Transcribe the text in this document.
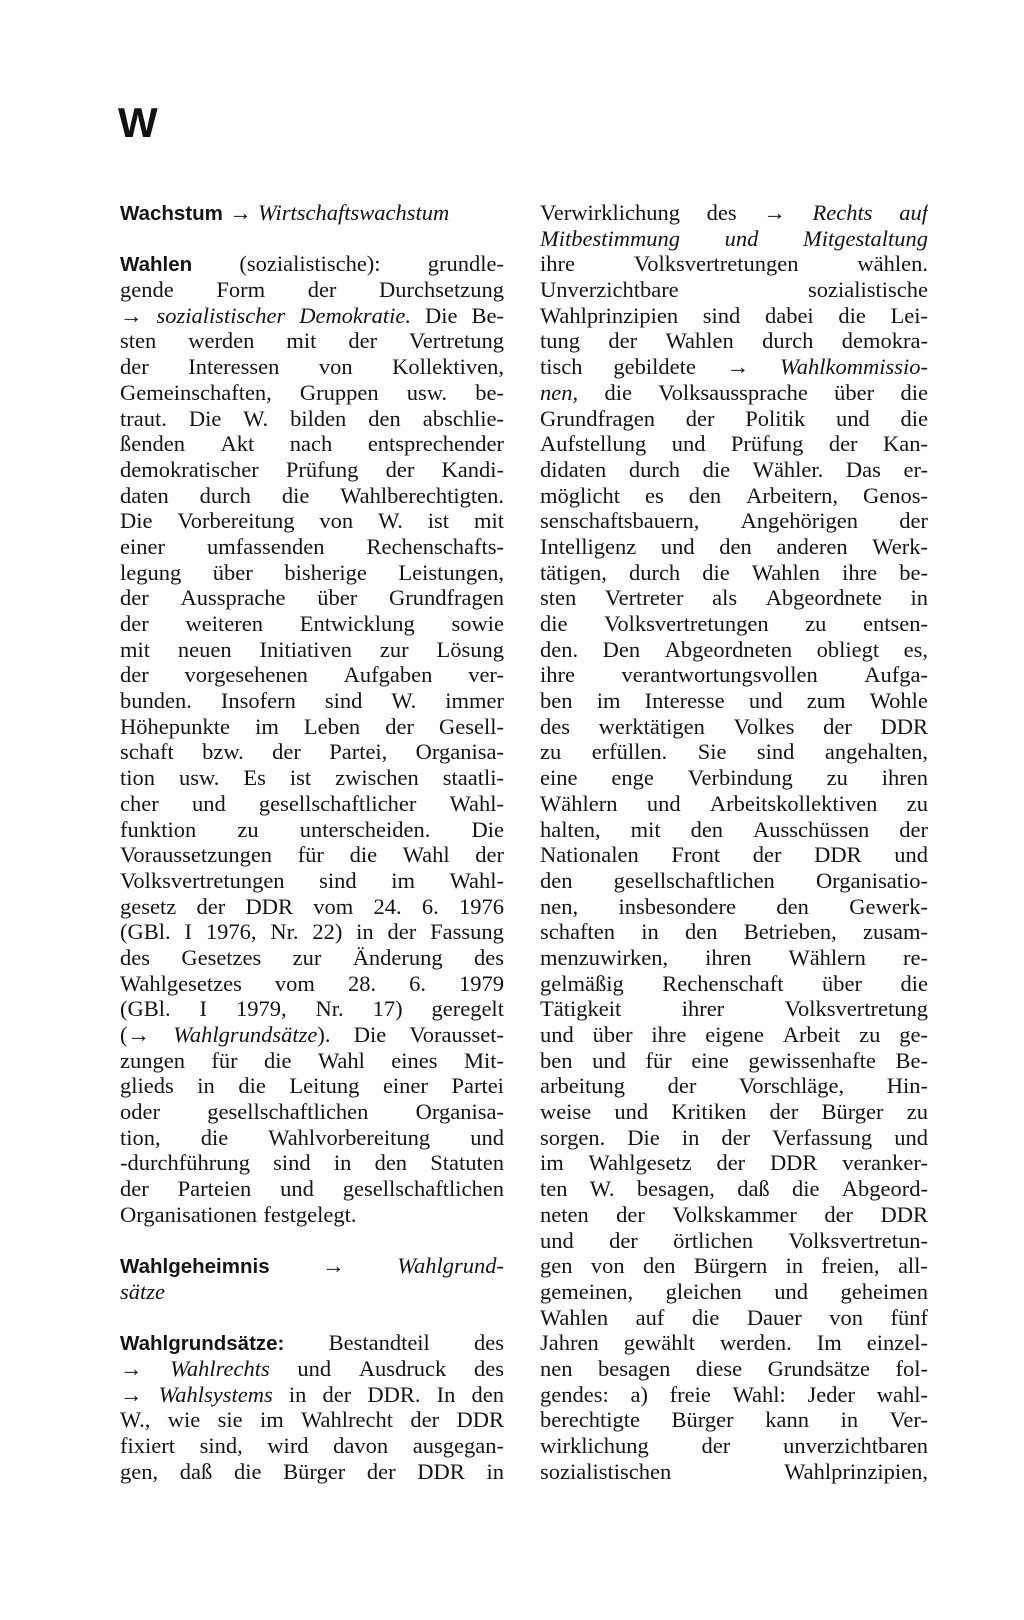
W
Wachstum → Wirtschaftswachstum
Wahlen (sozialistische): grundle-
gende Form der Durchsetzung
→ sozialistischer Demokratie. Die Be-
sten werden mit der Vertretung
der Interessen von Kollektiven,
Gemeinschaften, Gruppen usw. be-
traut. Die W. bilden den abschlie-
ßenden Akt nach entsprechender
demokratischer Prüfung der Kandi-
daten durch die Wahlberechtigten.
Die Vorbereitung von W. ist mit
einer umfassenden Rechenschafts-
legung über bisherige Leistungen,
der Aussprache über Grundfragen
der weiteren Entwicklung sowie
mit neuen Initiativen zur Lösung
der vorgesehenen Aufgaben ver-
bunden. Insofern sind W. immer
Höhepunkte im Leben der Gesell-
schaft bzw. der Partei, Organisa-
tion usw. Es ist zwischen staatli-
cher und gesellschaftlicher Wahl-
funktion zu unterscheiden. Die
Voraussetzungen für die Wahl der
Volksvertretungen sind im Wahl-
gesetz der DDR vom 24. 6. 1976
(GBl. I 1976, Nr. 22) in der Fassung
des Gesetzes zur Änderung des
Wahlgesetzes vom 28. 6. 1979
(GBl. I 1979, Nr. 17) geregelt
(→ Wahlgrundsätze). Die Vorausset-
zungen für die Wahl eines Mit-
glieds in die Leitung einer Partei
oder gesellschaftlichen Organisa-
tion, die Wahlvorbereitung und
-durchführung sind in den Statuten
der Parteien und gesellschaftlichen
Organisationen festgelegt.
Wahlgeheimnis → Wahlgrund-
sätze
Wahlgrundsätze: Bestandteil des
→ Wahlrechts und Ausdruck des
→ Wahlsystems in der DDR. In den
W., wie sie im Wahlrecht der DDR
fixiert sind, wird davon ausgegan-
gen, daß die Bürger der DDR in
Verwirklichung des → Rechts auf
Mitbestimmung und Mitgestaltung
ihre	Volksvertretungen	wählen.
Unverzichtbare	sozialistische
Wahlprinzipien sind dabei die Lei-
tung der Wahlen durch demokra-
tisch gebildete → Wahlkommissio-
nen, die Volksaussprache über die
Grundfragen der Politik und die
Aufstellung und Prüfung der Kan-
didaten durch die Wähler. Das er-
möglicht es den Arbeitern, Genos-
senschaftsbauern, Angehörigen der
Intelligenz und den anderen Werk-
tätigen, durch die Wahlen ihre be-
sten Vertreter als Abgeordnete in
die Volksvertretungen zu entsen-
den. Den Abgeordneten obliegt es,
ihre verantwortungsvollen Aufga-
ben im Interesse und zum Wohle
des werktätigen Volkes der DDR
zu erfüllen. Sie sind angehalten,
eine enge Verbindung zu ihren
Wählern und Arbeitskollektiven zu
halten, mit den Ausschüssen der
Nationalen Front der DDR und
den gesellschaftlichen Organisatio-
nen, insbesondere den Gewerk-
schaften in den Betrieben, zusam-
menzuwirken, ihren Wählern re-
gelmäßig Rechenschaft über die
Tätigkeit	ihrer	Volksvertretung
und über ihre eigene Arbeit zu ge-
ben und für eine gewissenhafte Be-
arbeitung der Vorschläge, Hin-
weise und Kritiken der Bürger zu
sorgen. Die in der Verfassung und
im Wahlgesetz der DDR veranker-
ten W. besagen, daß die Abgeord-
neten der Volkskammer der DDR
und der örtlichen Volksvertretun-
gen von den Bürgern in freien, all-
gemeinen, gleichen und geheimen
Wahlen auf die Dauer von fünf
Jahren gewählt werden. Im einzel-
nen besagen diese Grundsätze fol-
gendes: a) freie Wahl: Jeder wahl-
berechtigte Bürger kann in Ver-
wirklichung der unverzichtbaren
sozialistischen	Wahlprinzipien,
